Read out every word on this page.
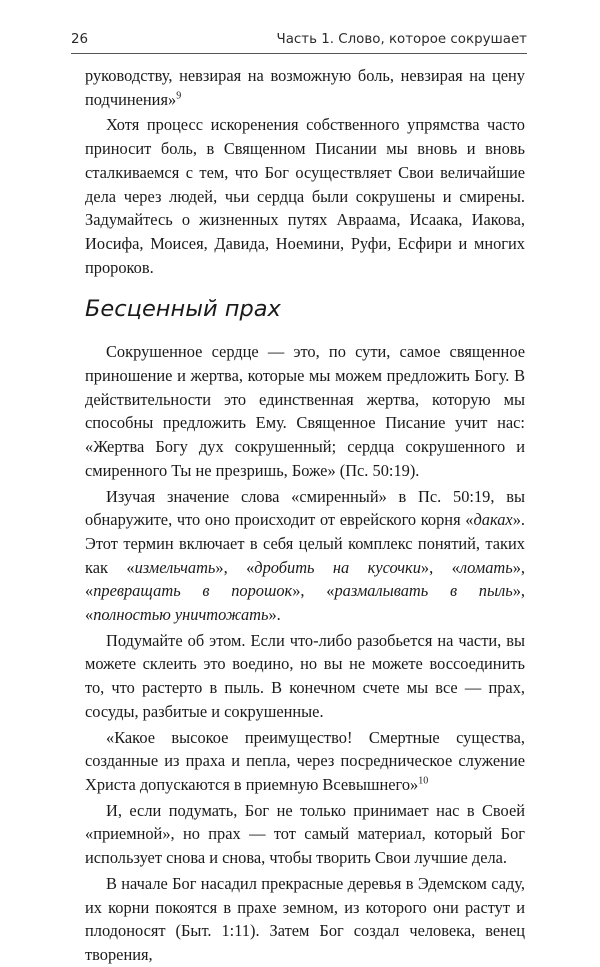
26	Часть 1. Слово, которое сокрушает

руководству, невзирая на возможную боль, невзирая на цену подчинения»$^9$

Хотя процесс искоренения собственного упрямства часто приносит боль, в Священном Писании мы вновь и вновь сталкиваемся с тем, что Бог осуществляет Свои величайшие дела через людей, чьи сердца были сокрушены и смирены. Задумайтесь о жизненных путях Авраама, Исаака, Иакова, Иосифа, Моисея, Давида, Ноемини, Руфи, Есфири и многих пророков.

Бесценный прах

Сокрушенное сердце — это, по сути, самое священное приношение и жертва, которые мы можем предложить Богу. В действительности это единственная жертва, которую мы способны предложить Ему. Священное Писание учит нас: «Жертва Богу дух сокрушенный; сердца сокрушенного и смиренного Ты не презришь, Боже» (Пс. 50:19).

Изучая значение слова «смиренный» в Пс. 50:19, вы обнаружите, что оно происходит от еврейского корня «даках». Этот термин включает в себя целый комплекс понятий, таких как «измельчать», «дробить на кусочки», «ломать», «превращать в порошок», «размалывать в пыль», «полностью уничтожать».

Подумайте об этом. Если что-либо разобьется на части, вы можете склеить это воедино, но вы не можете воссоединить то, что растерто в пыль. В конечном счете мы все — прах, сосуды, разбитые и сокрушенные.

«Какое высокое преимущество! Смертные существа, созданные из праха и пепла, через посредническое служение Христа допускаются в приемную Всевышнего»$^{10}$

И, если подумать, Бог не только принимает нас в Своей «приемной», но прах — тот самый материал, который Бог использует снова и снова, чтобы творить Свои лучшие дела.

В начале Бог насадил прекрасные деревья в Эдемском саду, их корни покоятся в прахе земном, из которого они растут и плодоносят (Быт. 1:11). Затем Бог создал человека, венец творения,
